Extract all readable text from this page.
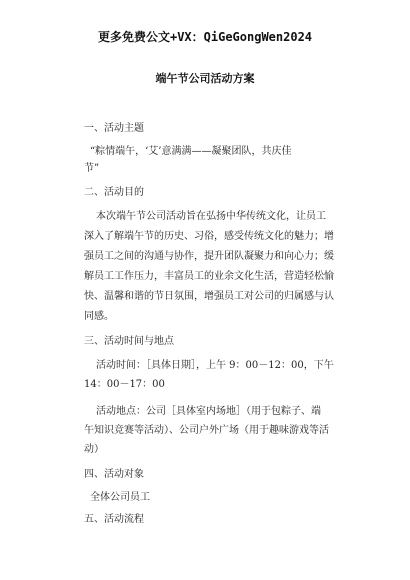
更多免费公文+VX：QiGeGongWen2024
端午节公司活动方案
一、活动主题
“粽情端午，‘艾’意满满——凝聚团队，共庆佳
节”
二、活动目的
本次端午节公司活动旨在弘扬中华传统文化，让员工
深入了解端午节的历史、习俗，感受传统文化的魅力；增
强员工之间的沟通与协作，提升团队凝聚力和向心力；缓
解员工工作压力，丰富员工的业余文化生活，营造轻松愉
快、温馨和谐的节日氛围，增强员工对公司的归属感与认
同感。
三、活动时间与地点
活动时间：［具体日期］，上午 9：00－12：00，下午
14：00－17：00
活动地点：公司［具体室内场地］（用于包粽子、端
午知识竞赛等活动）、公司户外广场（用于趣味游戏等活
动）
四、活动对象
全体公司员工
五、活动流程
